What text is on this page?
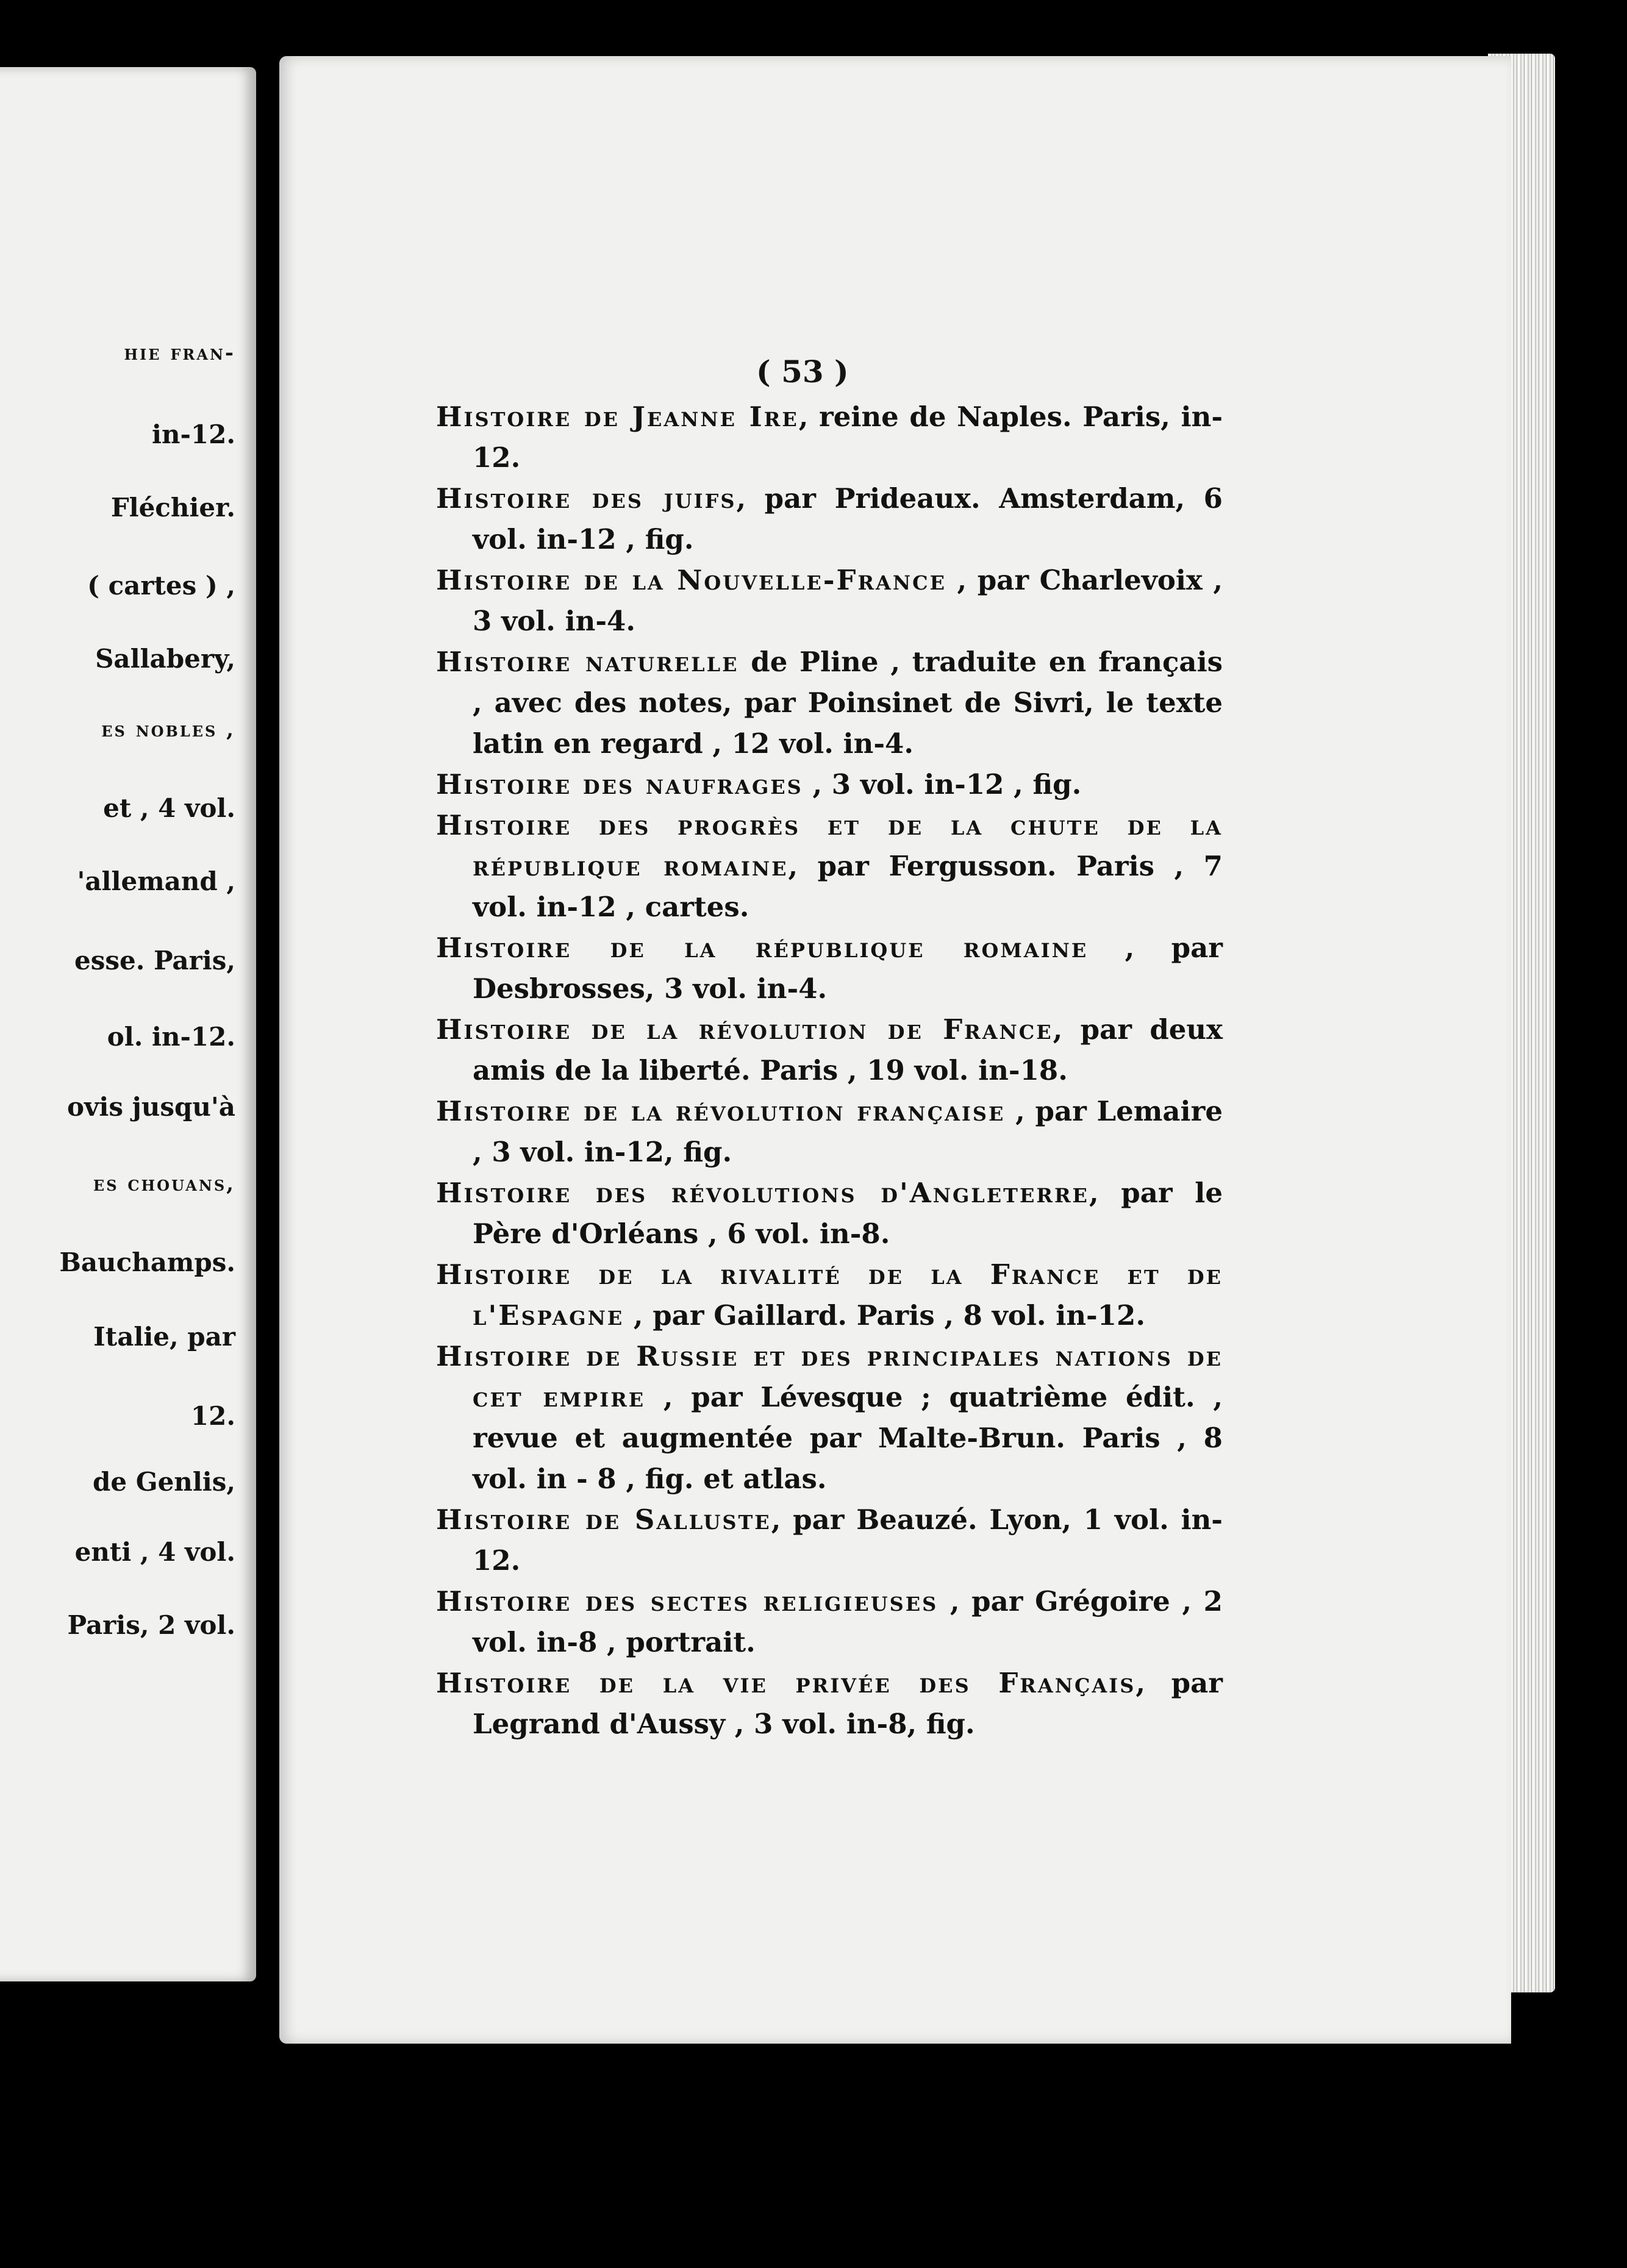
hie fran-

in-12.

Fléchier.

( cartes ) ,

Sallabery,

es nobles ,

et , 4 vol.

'allemand ,

esse. Paris,

ol. in-12.

ovis jusqu'à

es chouans,

Bauchamps.

Italie, par

12.

de Genlis,

enti , 4 vol.

Paris, 2 vol.

( 53 )

Histoire de Jeanne Ire, reine de Naples. Paris, in-12.
Histoire des juifs, par Prideaux. Amsterdam, 6 vol. in-12 , fig.
Histoire de la Nouvelle-France , par Charlevoix , 3 vol. in-4.
Histoire naturelle de Pline , traduite en français , avec des notes, par Poinsinet de Sivri, le texte latin en regard , 12 vol. in-4.
Histoire des naufrages , 3 vol. in-12 , fig.
Histoire des progrès et de la chute de la république romaine, par Fergusson. Paris , 7 vol. in-12 , cartes.
Histoire de la république romaine , par Desbrosses, 3 vol. in-4.
Histoire de la révolution de France, par deux amis de la liberté. Paris , 19 vol. in-18.
Histoire de la révolution française , par Lemaire , 3 vol. in-12, fig.
Histoire des révolutions d'Angleterre, par le Père d'Orléans , 6 vol. in-8.
Histoire de la rivalité de la France et de l'Espagne , par Gaillard. Paris , 8 vol. in-12.
Histoire de Russie et des principales nations de cet empire , par Lévesque ; quatrième édit. , revue et augmentée par Malte-Brun. Paris , 8 vol. in - 8 , fig. et atlas.
Histoire de Salluste, par Beauzé. Lyon, 1 vol. in-12.
Histoire des sectes religieuses , par Grégoire , 2 vol. in-8 , portrait.
Histoire de la vie privée des Français, par Legrand d'Aussy , 3 vol. in-8, fig.
